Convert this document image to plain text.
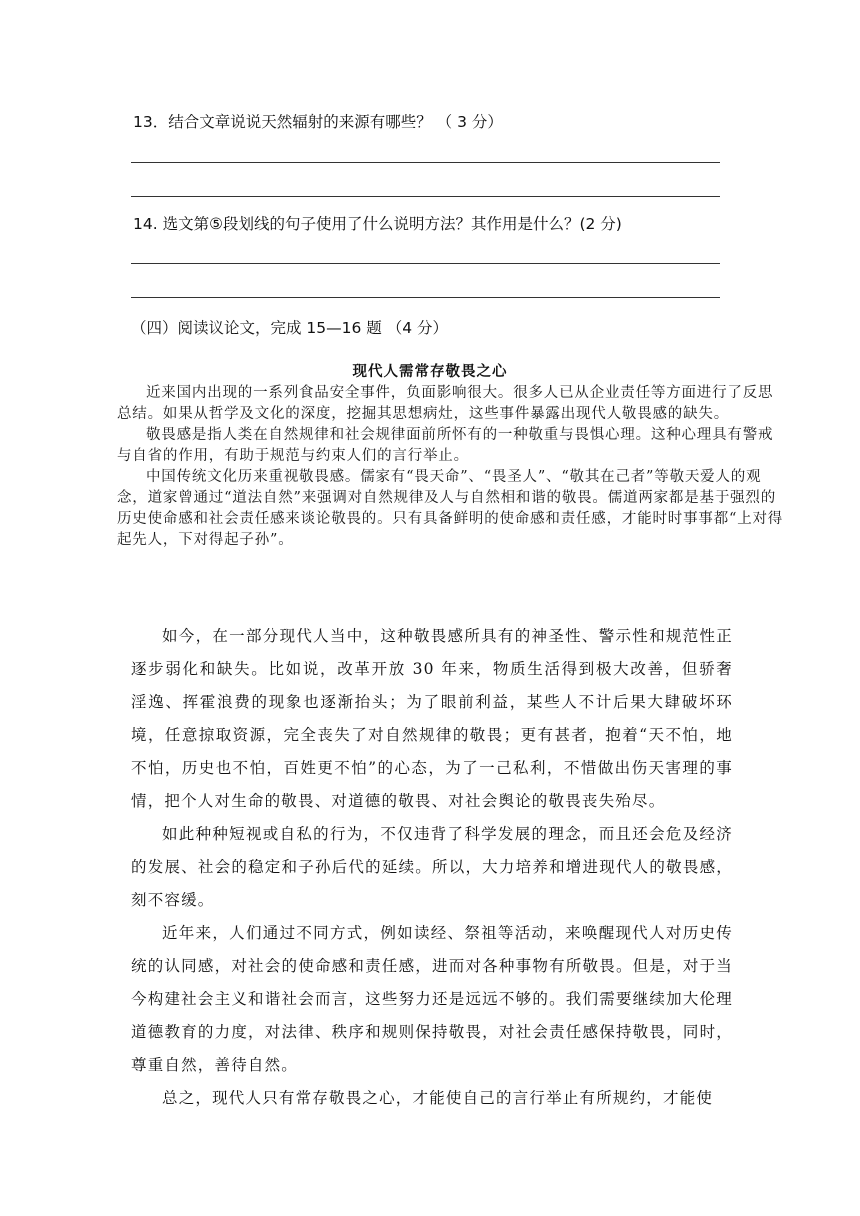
13．结合文章说说天然辐射的来源有哪些？ （ 3 分）
14. 选文第⑤段划线的句子使用了什么说明方法？其作用是什么？(2 分)
（四）阅读议论文，完成 15—16 题 （4 分）
现代人需常存敬畏之心

近来国内出现的一系列食品安全事件，负面影响很大。很多人已从企业责任等方面进行了反思总结。如果从哲学及文化的深度，挖掘其思想病灶，这些事件暴露出现代人敬畏感的缺失。

敬畏感是指人类在自然规律和社会规律面前所怀有的一种敬重与畏惧心理。这种心理具有警戒与自省的作用，有助于规范与约束人们的言行举止。

中国传统文化历来重视敬畏感。儒家有“畏天命”、“畏圣人”、“敬其在己者”等敬天爱人的观念，道家曾通过“道法自然”来强调对自然规律及人与自然相和谐的敬畏。儒道两家都是基于强烈的历史使命感和社会责任感来谈论敬畏的。只有具备鲜明的使命感和责任感，才能时时事事都“上对得起先人，下对得起子孙”。

如今，在一部分现代人当中，这种敬畏感所具有的神圣性、警示性和规范性正逐步弱化和缺失。比如说，改革开放 30 年来，物质生活得到极大改善，但骄奢淫逸、挥霍浪费的现象也逐渐抬头；为了眼前利益，某些人不计后果大肆破坏环境，任意掠取资源，完全丧失了对自然规律的敬畏；更有甚者，抱着“天不怕，地不怕，历史也不怕，百姓更不怕”的心态，为了一己私利，不惜做出伤天害理的事情，把个人对生命的敬畏、对道德的敬畏、对社会舆论的敬畏丧失殆尽。

如此种种短视或自私的行为，不仅违背了科学发展的理念，而且还会危及经济的发展、社会的稳定和子孙后代的延续。所以，大力培养和增进现代人的敬畏感，刻不容缓。

近年来，人们通过不同方式，例如读经、祭祖等活动，来唤醒现代人对历史传统的认同感，对社会的使命感和责任感，进而对各种事物有所敬畏。但是，对于当今构建社会主义和谐社会而言，这些努力还是远远不够的。我们需要继续加大伦理道德教育的力度，对法律、秩序和规则保持敬畏，对社会责任感保持敬畏，同时，尊重自然，善待自然。

总之，现代人只有常存敬畏之心，才能使自己的言行举止有所规约，才能使
